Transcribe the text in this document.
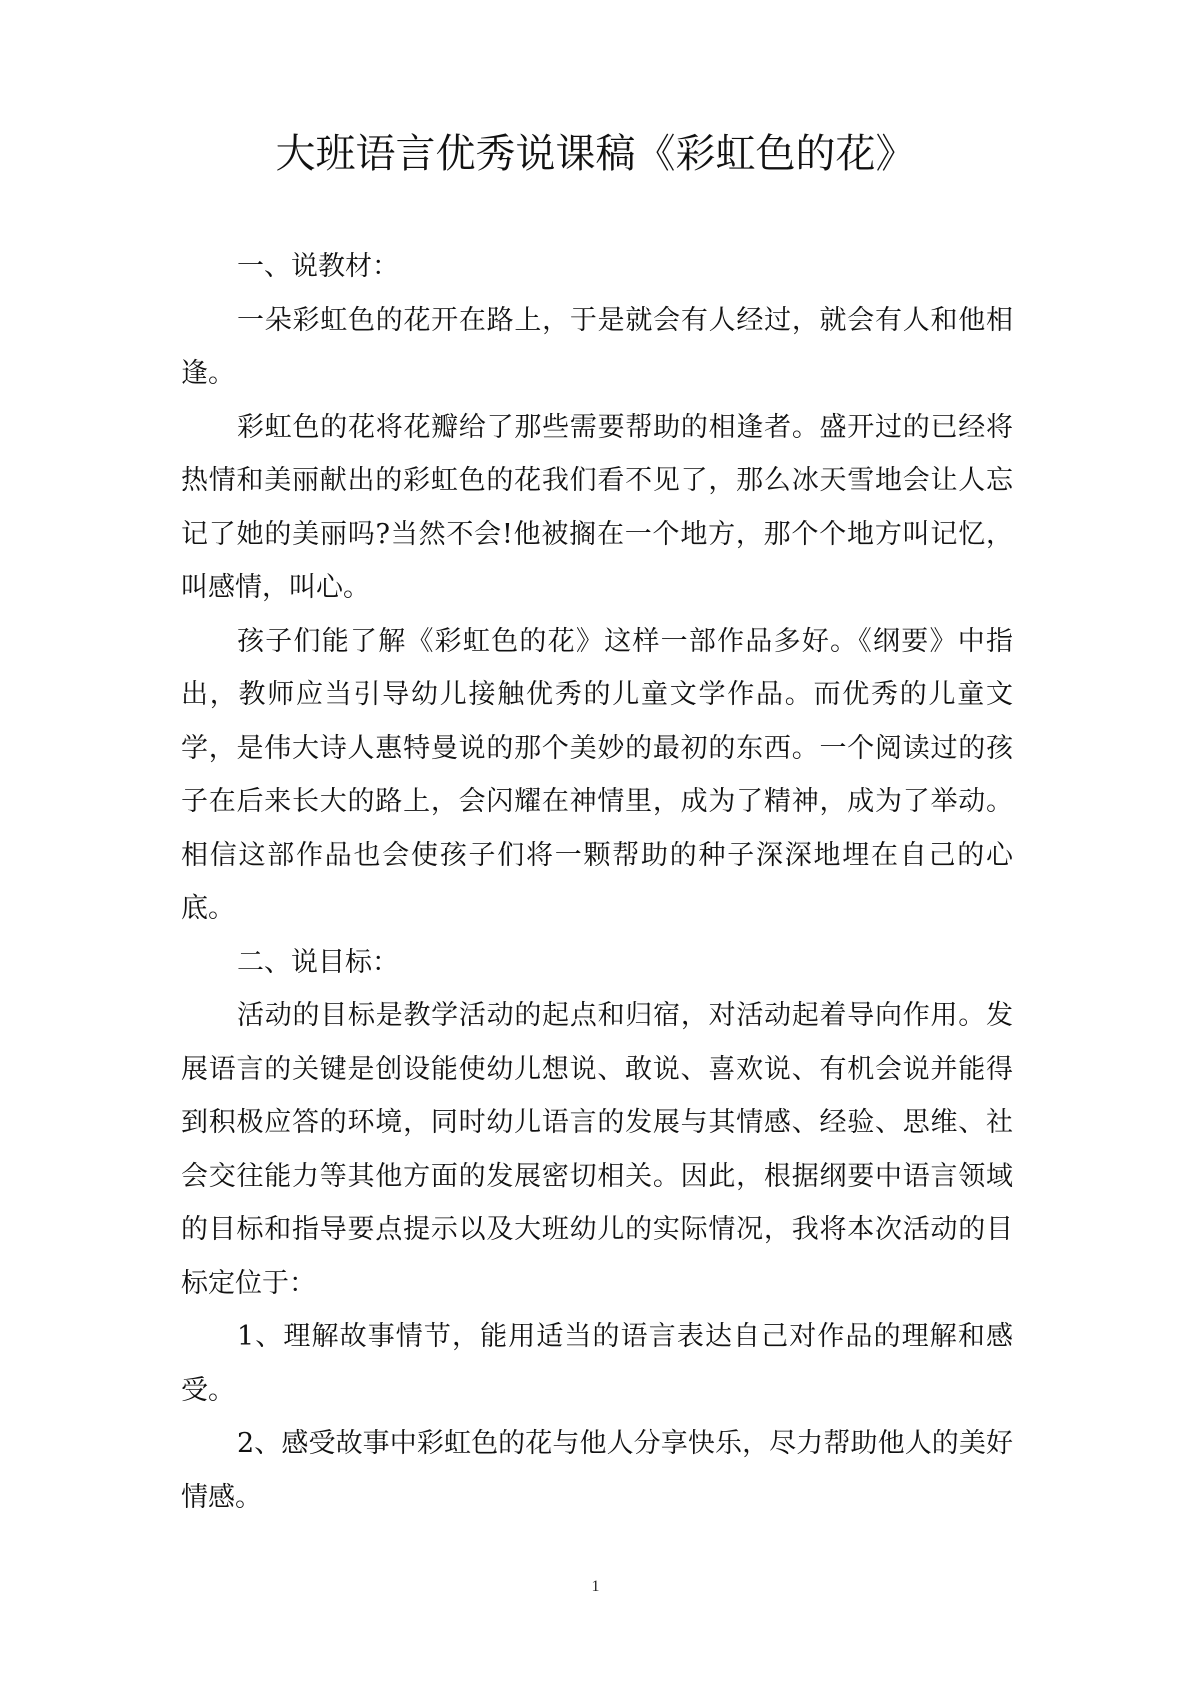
大班语言优秀说课稿《彩虹色的花》

一、说教材：

一朵彩虹色的花开在路上，于是就会有人经过，就会有人和他相逢。

彩虹色的花将花瓣给了那些需要帮助的相逢者。盛开过的已经将热情和美丽献出的彩虹色的花我们看不见了，那么冰天雪地会让人忘记了她的美丽吗?当然不会!他被搁在一个地方，那个个地方叫记忆，叫感情，叫心。

孩子们能了解《彩虹色的花》这样一部作品多好。《纲要》中指出，教师应当引导幼儿接触优秀的儿童文学作品。而优秀的儿童文学，是伟大诗人惠特曼说的那个美妙的最初的东西。一个阅读过的孩子在后来长大的路上，会闪耀在神情里，成为了精神，成为了举动。相信这部作品也会使孩子们将一颗帮助的种子深深地埋在自己的心底。

二、说目标：

活动的目标是教学活动的起点和归宿，对活动起着导向作用。发展语言的关键是创设能使幼儿想说、敢说、喜欢说、有机会说并能得到积极应答的环境，同时幼儿语言的发展与其情感、经验、思维、社会交往能力等其他方面的发展密切相关。因此，根据纲要中语言领域的目标和指导要点提示以及大班幼儿的实际情况，我将本次活动的目标定位于：

1、理解故事情节，能用适当的语言表达自己对作品的理解和感受。

2、感受故事中彩虹色的花与他人分享快乐，尽力帮助他人的美好情感。

1
